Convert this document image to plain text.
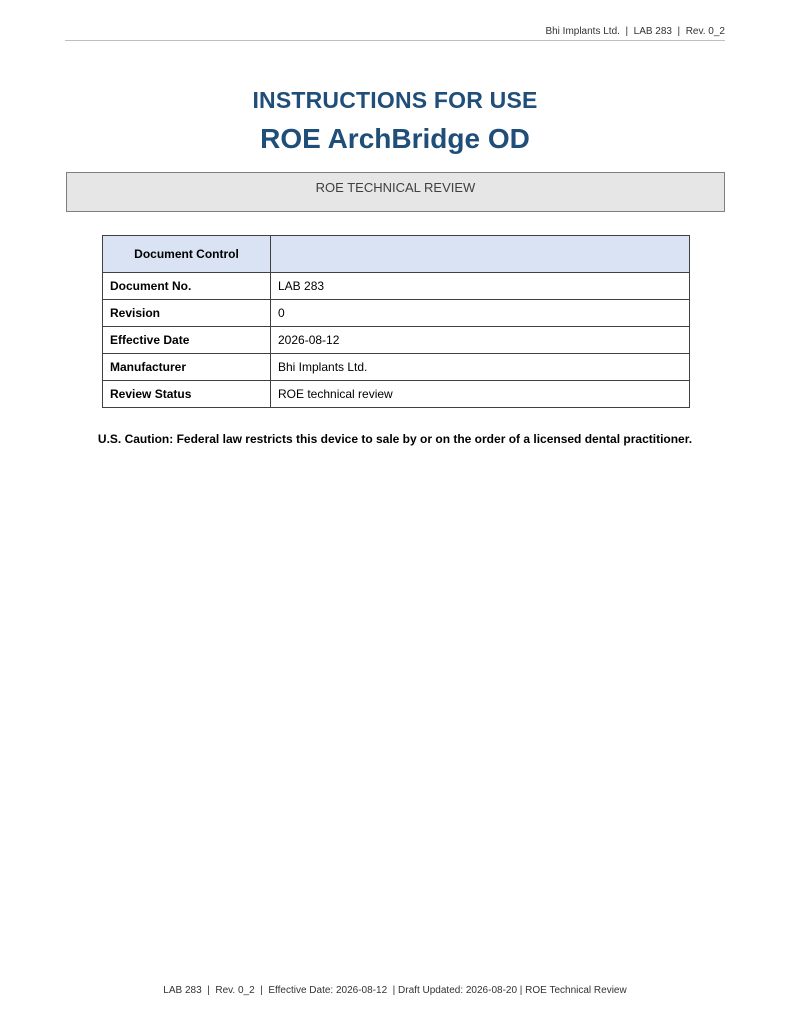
Bhi Implants Ltd.  |  LAB 283  |  Rev. 0_2
INSTRUCTIONS FOR USE
ROE ArchBridge OD
ROE TECHNICAL REVIEW
Document Control	
Document No.	LAB 283
Revision	0
Effective Date	2026-08-12
Manufacturer	Bhi Implants Ltd.
Review Status	ROE technical review
U.S. Caution: Federal law restricts this device to sale by or on the order of a licensed dental practitioner.
LAB 283  |  Rev. 0_2  |  Effective Date: 2026-08-12  | Draft Updated: 2026-08-20 | ROE Technical Review
